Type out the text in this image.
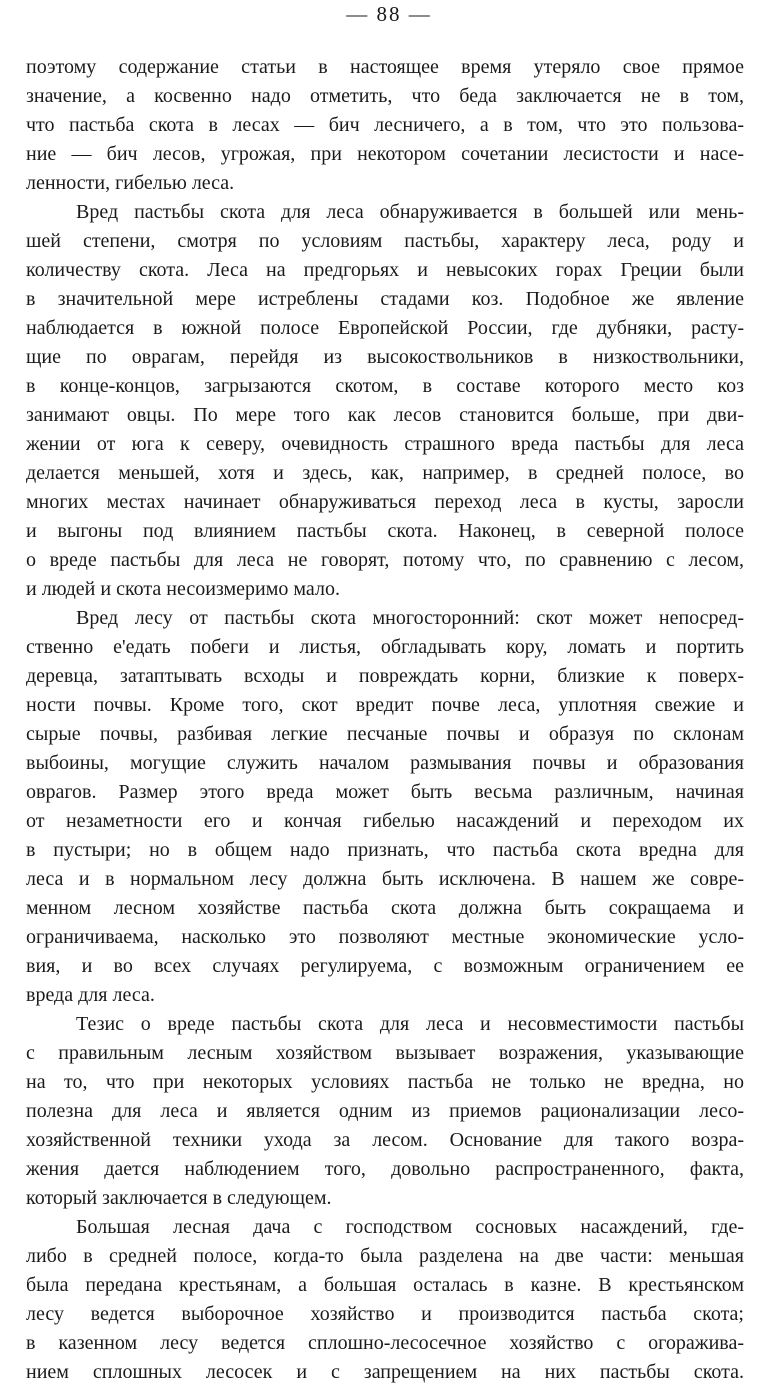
— 88 —
поэтому содержание статьи в настоящее время утеряло свое прямое
значение, а косвенно надо отметить, что беда заключается не в том,
что пастьба скота в лесах — бич лесничего, а в том, что это пользова-
ние — бич лесов, угрожая, при некотором сочетании лесистости и насе-
ленности, гибелью леса.
Вред пастьбы скота для леса обнаруживается в большей или мень-
шей степени, смотря по условиям пастьбы, характеру леса, роду и
количеству скота. Леса на предгорьях и невысоких горах Греции были
в значительной мере истреблены стадами коз. Подобное же явление
наблюдается в южной полосе Европейской России, где дубняки, расту-
щие по оврагам, перейдя из высокоствольников в низкоствольники,
в конце-концов, загрызаются скотом, в составе которого место коз
занимают овцы. По мере того как лесов становится больше, при дви-
жении от юга к северу, очевидность страшного вреда пастьбы для леса
делается меньшей, хотя и здесь, как, например, в средней полосе, во
многих местах начинает обнаруживаться переход леса в кусты, заросли
и выгоны под влиянием пастьбы скота. Наконец, в северной полосе
о вреде пастьбы для леса не говорят, потому что, по сравнению с лесом,
и людей и скота несоизмеримо мало.
Вред лесу от пастьбы скота многосторонний: скот может непосред-
ственно е'едать побеги и листья, обгладывать кору, ломать и портить
деревца, затаптывать всходы и повреждать корни, близкие к поверх-
ности почвы. Кроме того, скот вредит почве леса, уплотняя свежие и
сырые почвы, разбивая легкие песчаные почвы и образуя по склонам
выбоины, могущие служить началом размывания почвы и образования
оврагов. Размер этого вреда может быть весьма различным, начиная
от незаметности его и кончая гибелью насаждений и переходом их
в пустыри; но в общем надо признать, что пастьба скота вредна для
леса и в нормальном лесу должна быть исключена. В нашем же совре-
менном лесном хозяйстве пастьба скота должна быть сокращаема и
ограничиваема, насколько это позволяют местные экономические усло-
вия, и во всех случаях регулируема, с возможным ограничением ее
вреда для леса.
Тезис о вреде пастьбы скота для леса и несовместимости пастьбы
с правильным лесным хозяйством вызывает возражения, указывающие
на то, что при некоторых условиях пастьба не только не вредна, но
полезна для леса и является одним из приемов рационализации лесо-
хозяйственной техники ухода за лесом. Основание для такого возра-
жения дается наблюдением того, довольно распространенного, факта,
который заключается в следующем.
Большая лесная дача с господством сосновых насаждений, где-
либо в средней полосе, когда-то была разделена на две части: меньшая
была передана крестьянам, а большая осталась в казне. В крестьянском
лесу ведется выборочное хозяйство и производится пастьба скота;
в казенном лесу ведется сплошно-лесосечное хозяйство с огоражива-
нием сплошных лесосек и с запрещением на них пастьбы скота.
